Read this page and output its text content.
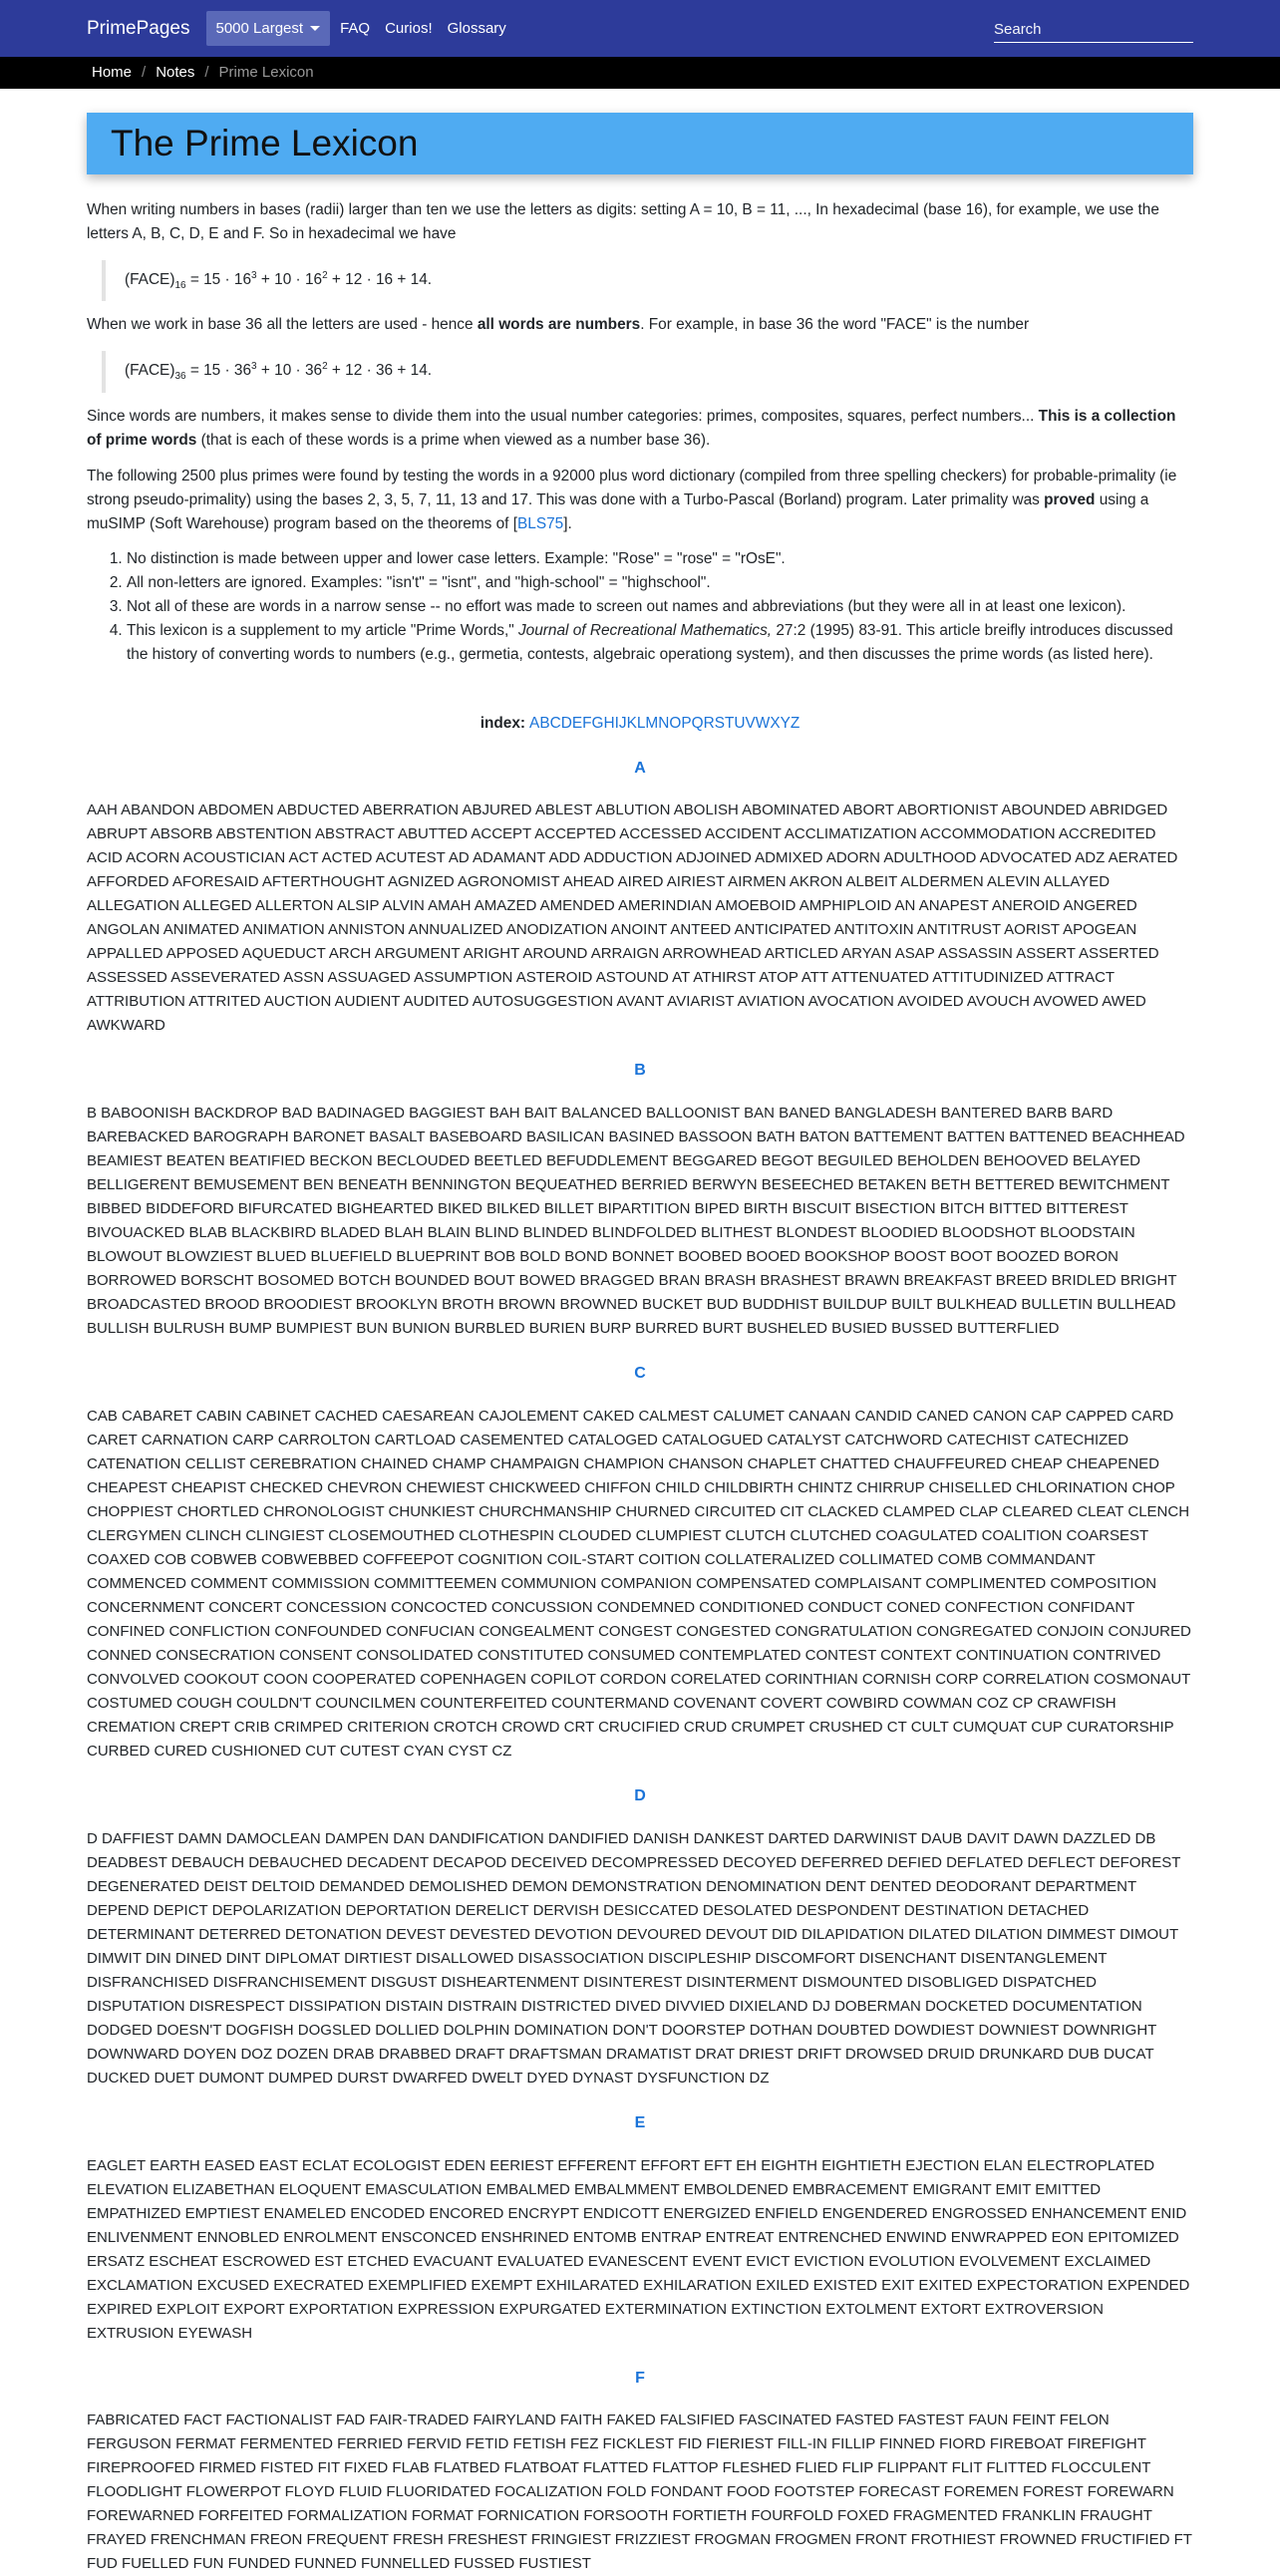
PrimePages 5000 Largest FAQ Curios! Glossary
Search
Home / Notes / Prime Lexicon
The Prime Lexicon

When writing numbers in bases (radii) larger than ten we use the letters as digits: setting A = 10, B = 11, ..., In hexadecimal (base 16), for example, we use the letters A, B, C, D, E and F. So in hexadecimal we have

$(FACE)_{16} = 15 \cdot 16^3 + 10 \cdot 16^2 + 12 \cdot 16 + 14$.

When we work in base 36 all the letters are used - hence all words are numbers. For example, in base 36 the word "FACE" is the number

$(FACE)_{36} = 15 \cdot 36^3 + 10 \cdot 36^2 + 12 \cdot 36 + 14$.

Since words are numbers, it makes sense to divide them into the usual number categories: primes, composites, squares, perfect numbers... This is a collection of prime words (that is each of these words is a prime when viewed as a number base 36).

The following 2500 plus primes were found by testing the words in a 92000 plus word dictionary (compiled from three spelling checkers) for probable-primality (ie strong pseudo-primality) using the bases 2, 3, 5, 7, 11, 13 and 17. This was done with a Turbo-Pascal (Borland) program. Later primality was proved using a muSIMP (Soft Warehouse) program based on the theorems of [BLS75].

1. No distinction is made between upper and lower case letters. Example: "Rose" = "rose" = "rOsE".
2. All non-letters are ignored. Examples: "isn't" = "isnt", and "high-school" = "highschool".
3. Not all of these are words in a narrow sense -- no effort was made to screen out names and abbreviations (but they were all in at least one lexicon).
4. This lexicon is a supplement to my article "Prime Words," Journal of Recreational Mathematics, 27:2 (1995) 83-91. This article breifly introduces discussed the history of converting words to numbers (e.g., germetia, contests, algebraic operationg system), and then discusses the prime words (as listed here).
index: ABCDEFGHIJKLMNOPQRSTUVWXYZ
A
AAH ABANDON ABDOMEN ABDUCTED ABERRATION ABJURED ABLEST ABLUTION ABOLISH ABOMINATED ABORT ABORTIONIST ABOUNDED ABRIDGED ABRUPT ABSORB ABSTENTION ABSTRACT ABUTTED ACCEPT ACCEPTED ACCESSED ACCIDENT ACCLIMATIZATION ACCOMMODATION ACCREDITED ACID ACORN ACOUSTICIAN ACT ACTED ACUTEST AD ADAMANT ADD ADDUCTION ADJOINED ADMIXED ADORN ADULTHOOD ADVOCATED ADZ AERATED AFFORDED AFORESAID AFTERTHOUGHT AGNIZED AGRONOMIST AHEAD AIRED AIRIEST AIRMEN AKRON ALBEIT ALDERMEN ALEVIN ALLAYED ALLEGATION ALLEGED ALLERTON ALSIP ALVIN AMAH AMAZED AMENDED AMERINDIAN AMOEBOID AMPHIPLOID AN ANAPEST ANEROID ANGERED ANGOLAN ANIMATED ANIMATION ANNISTON ANNUALIZED ANODIZATION ANOINT ANTEED ANTICIPATED ANTITOXIN ANTITRUST AORIST APOGEAN APPALLED APPOSED AQUEDUCT ARCH ARGUMENT ARIGHT AROUND ARRAIGN ARROWHEAD ARTICLED ARYAN ASAP ASSASSIN ASSERT ASSERTED ASSESSED ASSEVERATED ASSN ASSUAGED ASSUMPTION ASTEROID ASTOUND AT ATHIRST ATOP ATT ATTENUATED ATTITUDINIZED ATTRACT ATTRIBUTION ATTRITED AUCTION AUDIENT AUDITED AUTOSUGGESTION AVANT AVIARIST AVIATION AVOCATION AVOIDED AVOUCH AVOWED AWED AWKWARD
B
B BABOONISH BACKDROP BAD BADINAGED BAGGIEST BAH BAIT BALANCED BALLOONIST BAN BANED BANGLADESH BANTERED BARB BARD BAREBACKED BAROGRAPH BARONET BASALT BASEBOARD BASILICAN BASINED BASSOON BATH BATON BATTEMENT BATTEN BATTENED BEACHHEAD BEAMIEST BEATEN BEATIFIED BECKON BECLOUDED BEETLED BEFUDDLEMENT BEGGARED BEGOT BEGUILED BEHOLDEN BEHOOVED BELAYED BELLIGERENT BEMUSEMENT BEN BENEATH BENNINGTON BEQUEATHED BERRIED BERWYN BESEECHED BETAKEN BETH BETTERED BEWITCHMENT BIBBED BIDDEFORD BIFURCATED BIGHEARTED BIKED BILKED BILLET BIPARTITION BIPED BIRTH BISCUIT BISECTION BITCH BITTED BITTEREST BIVOUACKED BLAB BLACKBIRD BLADED BLAH BLAIN BLIND BLINDED BLINDFOLDED BLITHEST BLONDEST BLOODIED BLOODSHOT BLOODSTAIN BLOWOUT BLOWZIEST BLUED BLUEFIELD BLUEPRINT BOB BOLD BOND BONNET BOOBED BOOED BOOKSHOP BOOST BOOT BOOZED BORON BORROWED BORSCHT BOSOMED BOTCH BOUNDED BOUT BOWED BRAGGED BRAN BRASH BRASHEST BRAWN BREAKFAST BREED BRIDLED BRIGHT BROADCASTED BROOD BROODIEST BROOKLYN BROTH BROWN BROWNED BUCKET BUD BUDDHIST BUILDUP BUILT BULKHEAD BULLETIN BULLHEAD BULLISH BULRUSH BUMP BUMPIEST BUN BUNION BURBLED BURIEN BURP BURRED BURT BUSHELED BUSIED BUSSED BUTTERFLIED
C
CAB CABARET CABIN CABINET CACHED CAESAREAN CAJOLEMENT CAKED CALMEST CALUMET CANAAN CANDID CANED CANON CAP CAPPED CARD CARET CARNATION CARP CARROLTON CARTLOAD CASEMENTED CATALOGED CATALOGUED CATALYST CATCHWORD CATECHIST CATECHIZED CATENATION CELLIST CEREBRATION CHAINED CHAMP CHAMPAIGN CHAMPION CHANSON CHAPLET CHATTED CHAUFFEURED CHEAP CHEAPENED CHEAPEST CHEAPIST CHECKED CHEVRON CHEWIEST CHICKWEED CHIFFON CHILD CHILDBIRTH CHINTZ CHIRRUP CHISELLED CHLORINATION CHOP CHOPPIEST CHORTLED CHRONOLOGIST CHUNKIEST CHURCHMANSHIP CHURNED CIRCUITED CIT CLACKED CLAMPED CLAP CLEARED CLEAT CLENCH CLERGYMEN CLINCH CLINGIEST CLOSEMOUTHED CLOTHESPIN CLOUDED CLUMPIEST CLUTCH CLUTCHED COAGULATED COALITION COARSEST COAXED COB COBWEB COBWEBBED COFFEEPOT COGNITION COIL-START COITION COLLATERALIZED COLLIMATED COMB COMMANDANT COMMENCED COMMENT COMMISSION COMMITTEEMEN COMMUNION COMPANION COMPENSATED COMPLAISANT COMPLIMENTED COMPOSITION CONCERNMENT CONCERT CONCESSION CONCOCTED CONCUSSION CONDEMNED CONDITIONED CONDUCT CONED CONFECTION CONFIDANT CONFINED CONFLICTION CONFOUNDED CONFUCIAN CONGEALMENT CONGEST CONGESTED CONGRATULATION CONGREGATED CONJOIN CONJURED CONNED CONSECRATION CONSENT CONSOLIDATED CONSTITUTED CONSUMED CONTEMPLATED CONTEST CONTEXT CONTINUATION CONTRIVED CONVOLVED COOKOUT COON COOPERATED COPENHAGEN COPILOT CORDON CORELATED CORINTHIAN CORNISH CORP CORRELATION COSMONAUT COSTUMED COUGH COULDN'T COUNCILMEN COUNTERFEITED COUNTERMAND COVENANT COVERT COWBIRD COWMAN COZ CP CRAWFISH CREMATION CREPT CRIB CRIMPED CRITERION CROTCH CROWD CRT CRUCIFIED CRUD CRUMPET CRUSHED CT CULT CUMQUAT CUP CURATORSHIP CURBED CURED CUSHIONED CUT CUTEST CYAN CYST CZ
D
D DAFFIEST DAMN DAMOCLEAN DAMPEN DAN DANDIFICATION DANDIFIED DANISH DANKEST DARTED DARWINIST DAUB DAVIT DAWN DAZZLED DB DEADBEST DEBAUCH DEBAUCHED DECADENT DECAPOD DECEIVED DECOMPRESSED DECOYED DEFERRED DEFIED DEFLATED DEFLECT DEFOREST DEGENERATED DEIST DELTOID DEMANDED DEMOLISHED DEMON DEMONSTRATION DENOMINATION DENT DENTED DEODORANT DEPARTMENT DEPEND DEPICT DEPOLARIZATION DEPORTATION DERELICT DERVISH DESICCATED DESOLATED DESPONDENT DESTINATION DETACHED DETERMINANT DETERRED DETONATION DEVEST DEVESTED DEVOTION DEVOURED DEVOUT DID DILAPIDATION DILATED DILATION DIMMEST DIMOUT DIMWIT DIN DINED DINT DIPLOMAT DIRTIEST DISALLOWED DISASSOCIATION DISCIPLESHIP DISCOMFORT DISENCHANT DISENTANGLEMENT DISFRANCHISED DISFRANCHISEMENT DISGUST DISHEARTENMENT DISINTEREST DISINTERMENT DISMOUNTED DISOBLIGED DISPATCHED DISPUTATION DISRESPECT DISSIPATION DISTAIN DISTRAIN DISTRICTED DIVED DIVVIED DIXIELAND DJ DOBERMAN DOCKETED DOCUMENTATION DODGED DOESN'T DOGFISH DOGSLED DOLLIED DOLPHIN DOMINATION DON'T DOORSTEP DOTHAN DOUBTED DOWDIEST DOWNIEST DOWNRIGHT DOWNWARD DOYEN DOZ DOZEN DRAB DRABBED DRAFT DRAFTSMAN DRAMATIST DRAT DRIEST DRIFT DROWSED DRUID DRUNKARD DUB DUCAT DUCKED DUET DUMONT DUMPED DURST DWARFED DWELT DYED DYNAST DYSFUNCTION DZ
E
EAGLET EARTH EASED EAST ECLAT ECOLOGIST EDEN EERIEST EFFERENT EFFORT EFT EH EIGHTH EIGHTIETH EJECTION ELAN ELECTROPLATED ELEVATION ELIZABETHAN ELOQUENT EMASCULATION EMBALMED EMBALMMENT EMBOLDENED EMBRACEMENT EMIGRANT EMIT EMITTED EMPATHIZED EMPTIEST ENAMELED ENCODED ENCORED ENCRYPT ENDICOTT ENERGIZED ENFIELD ENGENDERED ENGROSSED ENHANCEMENT ENID ENLIVENMENT ENNOBLED ENROLMENT ENSCONCED ENSHRINED ENTOMB ENTRAP ENTREAT ENTRENCHED ENWIND ENWRAPPED EON EPITOMIZED ERSATZ ESCHEAT ESCROWED EST ETCHED EVACUANT EVALUATED EVANESCENT EVENT EVICT EVICTION EVOLUTION EVOLVEMENT EXCLAIMED EXCLAMATION EXCUSED EXECRATED EXEMPLIFIED EXEMPT EXHILARATED EXHILARATION EXILED EXISTED EXIT EXITED EXPECTORATION EXPENDED EXPIRED EXPLOIT EXPORT EXPORTATION EXPRESSION EXPURGATED EXTERMINATION EXTINCTION EXTOLMENT EXTORT EXTROVERSION EXTRUSION EYEWASH
F
FABRICATED FACT FACTIONALIST FAD FAIR-TRADED FAIRYLAND FAITH FAKED FALSIFIED FASCINATED FASTED FASTEST FAUN FEINT FELON FERGUSON FERMAT FERMENTED FERRIED FERVID FETID FETISH FEZ FICKLEST FID FIERIEST FILL-IN FILLIP FINNED FIORD FIREBOAT FIREFIGHT FIREPROOFED FIRMED FISTED FIT FIXED FLAB FLATBED FLATBOAT FLATTED FLATTOP FLESHED FLIED FLIP FLIPPANT FLIT FLITTED FLOCCULENT FLOODLIGHT FLOWERPOT FLOYD FLUID FLUORIDATED FOCALIZATION FOLD FONDANT FOOD FOOTSTEP FORECAST FOREMEN FOREST FOREWARN FOREWARNED FORFEITED FORMALIZATION FORMAT FORNICATION FORSOOTH FORTIETH FOURFOLD FOXED FRAGMENTED FRANKLIN FRAUGHT FRAYED FRENCHMAN FREON FREQUENT FRESH FRESHEST FRINGIEST FRIZZIEST FROGMAN FROGMEN FRONT FROTHIEST FROWNED FRUCTIFIED FT FUD FUELLED FUN FUNDED FUNNED FUNNELLED FUSSED FUSTIEST
